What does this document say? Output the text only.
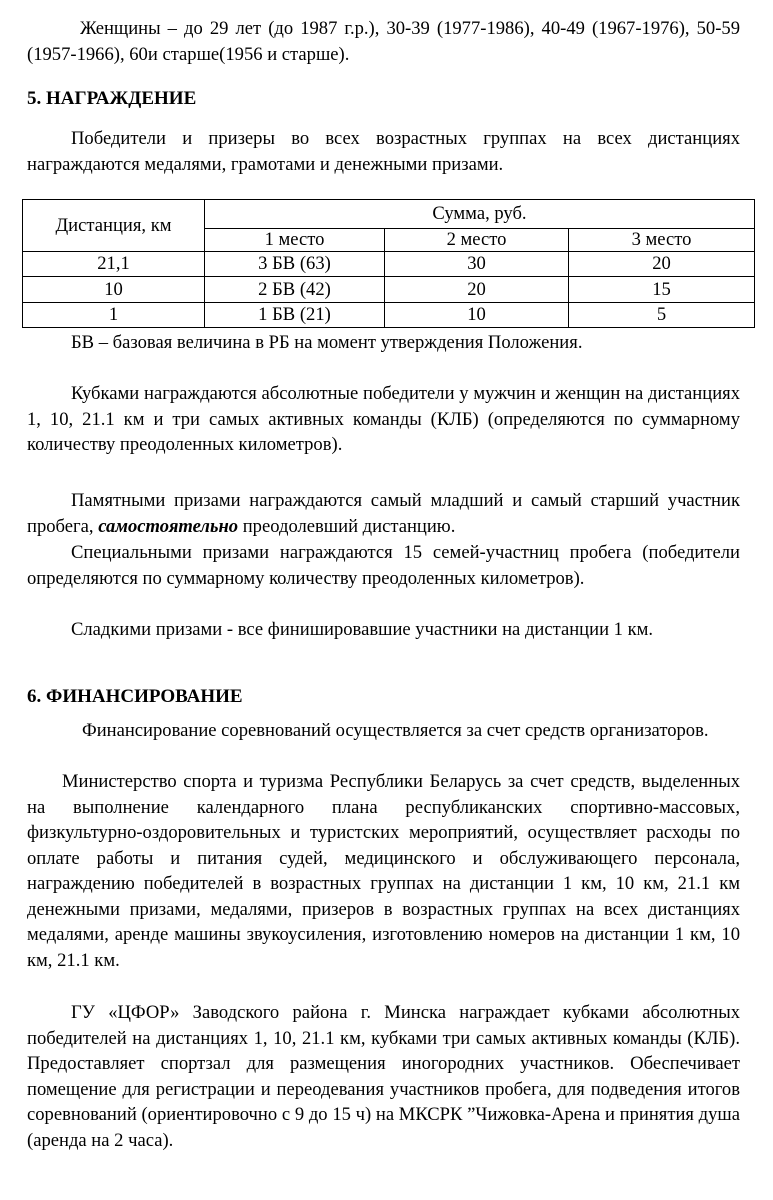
Женщины – до 29 лет (до 1987 г.р.), 30-39 (1977-1986), 40-49 (1967-1976), 50-59 (1957-1966), 60и старше(1956 и старше).

5. НАГРАЖДЕНИЕ

Победители и призеры во всех возрастных группах на всех дистанциях награждаются медалями, грамотами и денежными призами.

Дистанция, км	Сумма, руб.		
	1 место	2 место	3 место
21,1	3 БВ (63)	30	20
10	2 БВ (42)	20	15
1	1 БВ (21)	10	5

БВ – базовая величина в РБ на момент утверждения Положения.

Кубками награждаются абсолютные победители у мужчин и женщин на дистанциях 1, 10, 21.1 км и три самых активных команды (КЛБ) (определяются по суммарному количеству преодоленных километров).

Памятными призами награждаются самый младший и самый старший участник пробега, самостоятельно преодолевший дистанцию.

Специальными призами награждаются 15 семей-участниц пробега (победители определяются по суммарному количеству преодоленных километров).

Сладкими призами - все финишировавшие участники на дистанции 1 км.

6. ФИНАНСИРОВАНИЕ

Финансирование соревнований осуществляется за счет средств организаторов.

Министерство спорта и туризма Республики Беларусь за счет средств, выделенных на выполнение календарного плана республиканских спортивно-массовых, физкультурно-оздоровительных и туристских мероприятий, осуществляет расходы по оплате работы и питания судей, медицинского и обслуживающего персонала, награждению победителей в возрастных группах на дистанции 1 км, 10 км, 21.1 км денежными призами, медалями, призеров в возрастных группах на всех дистанциях медалями, аренде машины звукоусиления, изготовлению номеров на дистанции 1 км, 10 км, 21.1 км.

ГУ «ЦФОР» Заводского района г. Минска награждает кубками абсолютных победителей на дистанциях 1, 10, 21.1 км, кубками три самых активных команды (КЛБ). Предоставляет спортзал для размещения иногородних участников. Обеспечивает помещение для регистрации и переодевания участников пробега, для подведения итогов соревнований (ориентировочно с 9 до 15 ч) на МКСРК ”Чижовка-Арена и принятия душа (аренда на 2 часа).
